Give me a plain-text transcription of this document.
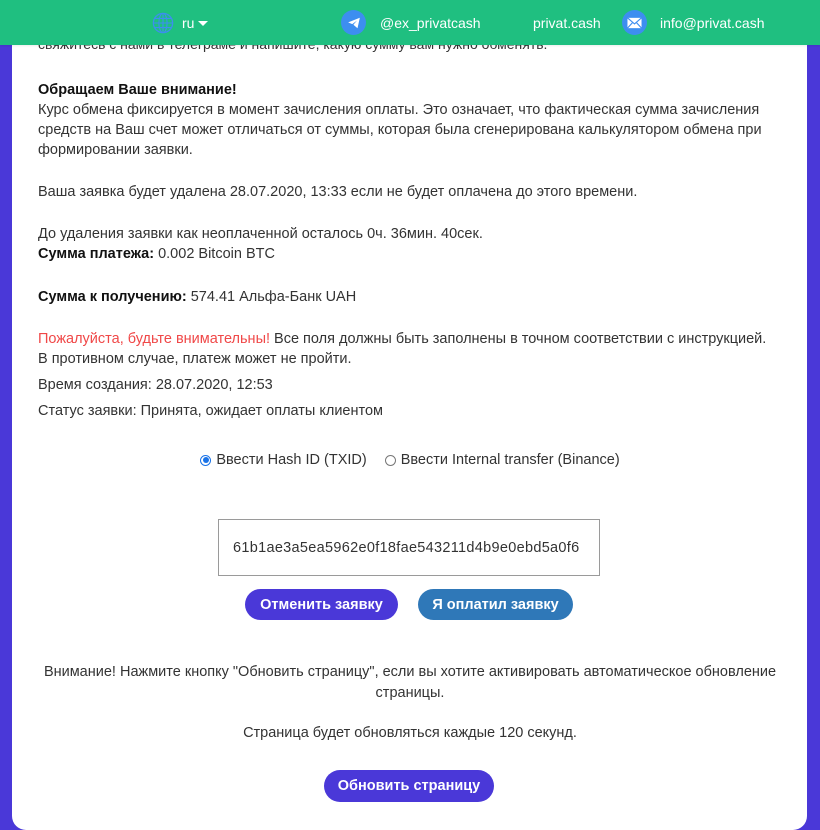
ru	@ex_privatcash	privat.cash	info@privat.cash

Обращаем Ваше внимание!

Курс обмена фиксируется в момент зачисления оплаты. Это означает, что фактическая сумма зачисления средств на Ваш счет может отличаться от суммы, которая была сгенерирована калькулятором обмена при формировании заявки.

Ваша заявка будет удалена 28.07.2020, 13:33 если не будет оплачена до этого времени.

До удаления заявки как неоплаченной осталось 0ч. 36мин. 40сек.

Сумма платежа: 0.002 Bitcoin BTC

Сумма к получению: 574.41 Альфа-Банк UAH

Пожалуйста, будьте внимательны! Все поля должны быть заполнены в точном соответствии с инструкцией. В противном случае, платеж может не пройти.

Время создания: 28.07.2020, 12:53

Статус заявки: Принята, ожидает оплаты клиентом

Ввести Hash ID (TXID) Ввести Internal transfer (Binance)
61b1ae3a5ea5962e0f18fae543211d4b9e0ebd5a0f6
Отменить заявку	Я оплатил заявку
Внимание! Нажмите кнопку "Обновить страницу", если вы хотите активировать автоматическое обновление страницы.
Страница будет обновляться каждые 120 секунд.
Обновить страницу
